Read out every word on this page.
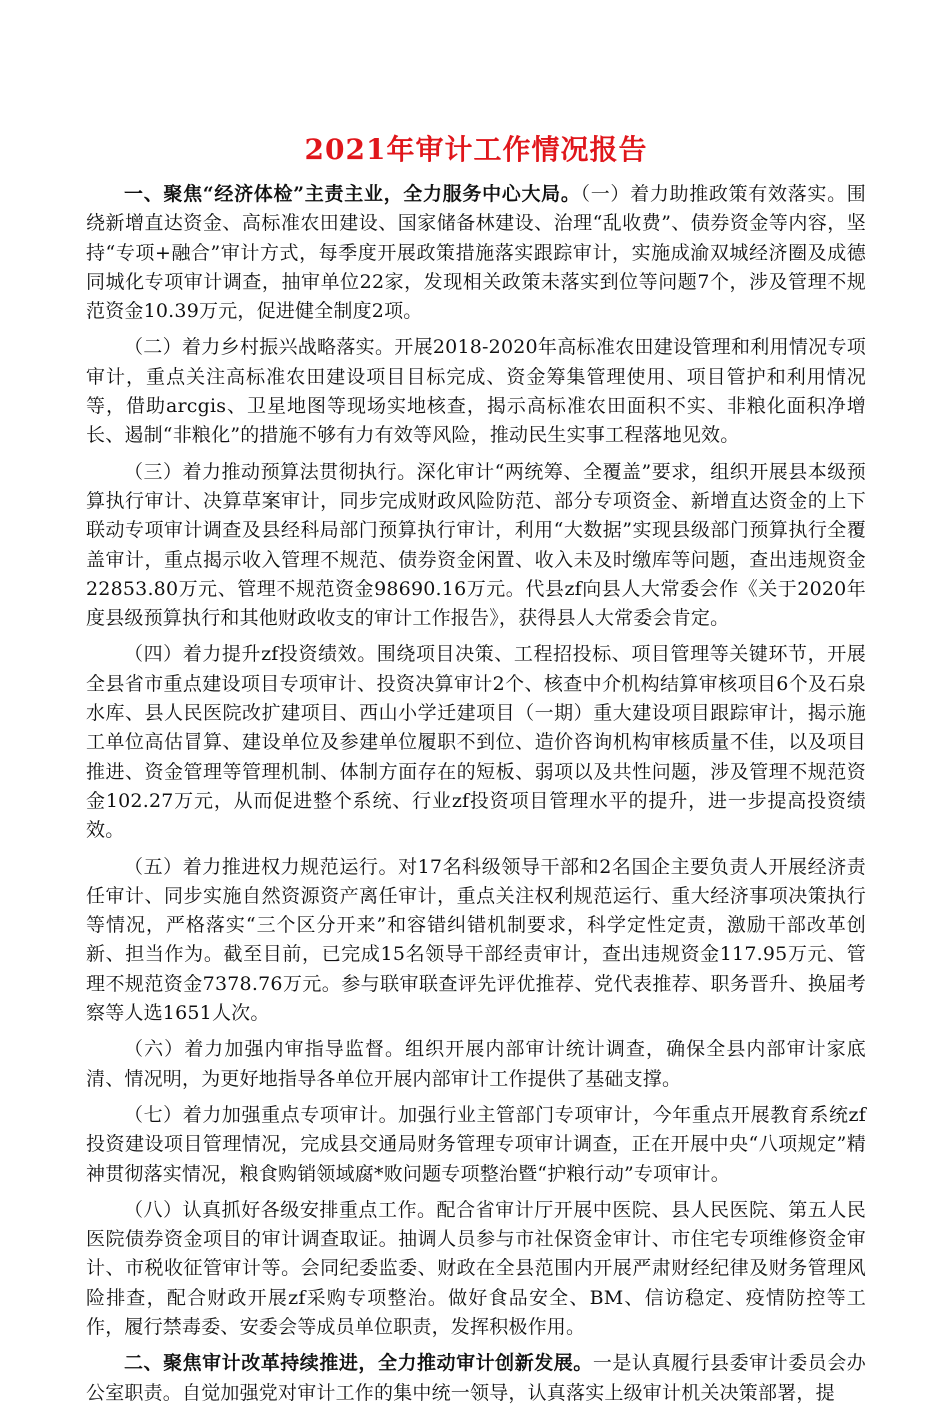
2021年审计工作情况报告

一、聚焦“经济体检”主责主业，全力服务中心大局。（一）着力助推政策有效落实。围绕新增直达资金、高标准农田建设、国家储备林建设、治理“乱收费”、债券资金等内容，坚持“专项+融合”审计方式，每季度开展政策措施落实跟踪审计，实施成渝双城经济圈及成德同城化专项审计调查，抽审单位22家，发现相关政策未落实到位等问题7个，涉及管理不规范资金10.39万元，促进健全制度2项。

（二）着力乡村振兴战略落实。开展2018-2020年高标准农田建设管理和利用情况专项审计，重点关注高标准农田建设项目目标完成、资金筹集管理使用、项目管护和利用情况等，借助arcgis、卫星地图等现场实地核查，揭示高标准农田面积不实、非粮化面积净增长、遏制“非粮化”的措施不够有力有效等风险，推动民生实事工程落地见效。

（三）着力推动预算法贯彻执行。深化审计“两统筹、全覆盖”要求，组织开展县本级预算执行审计、决算草案审计，同步完成财政风险防范、部分专项资金、新增直达资金的上下联动专项审计调查及县经科局部门预算执行审计，利用“大数据”实现县级部门预算执行全覆盖审计，重点揭示收入管理不规范、债券资金闲置、收入未及时缴库等问题，查出违规资金22853.80万元、管理不规范资金98690.16万元。代县zf向县人大常委会作《关于2020年度县级预算执行和其他财政收支的审计工作报告》，获得县人大常委会肯定。

（四）着力提升zf投资绩效。围绕项目决策、工程招投标、项目管理等关键环节，开展全县省市重点建设项目专项审计、投资决算审计2个、核查中介机构结算审核项目6个及石泉水库、县人民医院改扩建项目、西山小学迁建项目（一期）重大建设项目跟踪审计，揭示施工单位高估冒算、建设单位及参建单位履职不到位、造价咨询机构审核质量不佳，以及项目推进、资金管理等管理机制、体制方面存在的短板、弱项以及共性问题，涉及管理不规范资金102.27万元，从而促进整个系统、行业zf投资项目管理水平的提升，进一步提高投资绩效。

（五）着力推进权力规范运行。对17名科级领导干部和2名国企主要负责人开展经济责任审计、同步实施自然资源资产离任审计，重点关注权利规范运行、重大经济事项决策执行等情况，严格落实“三个区分开来”和容错纠错机制要求，科学定性定责，激励干部改革创新、担当作为。截至目前，已完成15名领导干部经责审计，查出违规资金117.95万元、管理不规范资金7378.76万元。参与联审联查评先评优推荐、党代表推荐、职务晋升、换届考察等人选1651人次。

（六）着力加强内审指导监督。组织开展内部审计统计调查，确保全县内部审计家底清、情况明，为更好地指导各单位开展内部审计工作提供了基础支撑。

（七）着力加强重点专项审计。加强行业主管部门专项审计，今年重点开展教育系统zf投资建设项目管理情况，完成县交通局财务管理专项审计调查，正在开展中央“八项规定”精神贯彻落实情况，粮食购销领域腐*败问题专项整治暨“护粮行动”专项审计。

（八）认真抓好各级安排重点工作。配合省审计厅开展中医院、县人民医院、第五人民医院债券资金项目的审计调查取证。抽调人员参与市社保资金审计、市住宅专项维修资金审计、市税收征管审计等。会同纪委监委、财政在全县范围内开展严肃财经纪律及财务管理风险排查，配合财政开展zf采购专项整治。做好食品安全、BM、信访稳定、疫情防控等工作，履行禁毒委、安委会等成员单位职责，发挥积极作用。

二、聚焦审计改革持续推进，全力推动审计创新发展。一是认真履行县委审计委员会办公室职责。自觉加强党对审计工作的集中统一领导，认真落实上级审计机关决策部署，提
